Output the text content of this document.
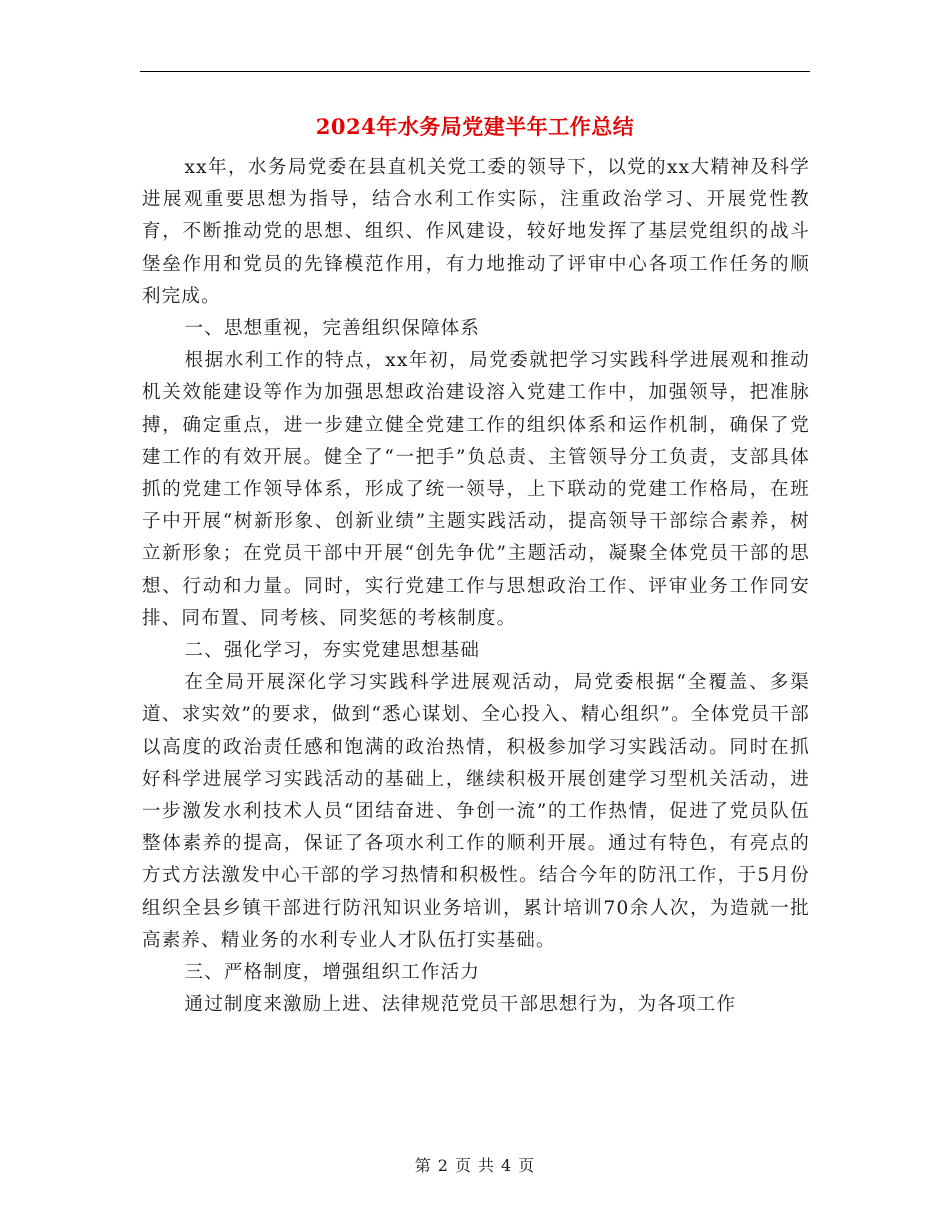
2024年水务局党建半年工作总结

xx年，水务局党委在县直机关党工委的领导下，以党的xx大精神及科学进展观重要思想为指导，结合水利工作实际，注重政治学习、开展党性教育，不断推动党的思想、组织、作风建设，较好地发挥了基层党组织的战斗堡垒作用和党员的先锋模范作用，有力地推动了评审中心各项工作任务的顺利完成。

一、思想重视，完善组织保障体系

根据水利工作的特点，xx年初，局党委就把学习实践科学进展观和推动机关效能建设等作为加强思想政治建设溶入党建工作中，加强领导，把准脉搏，确定重点，进一步建立健全党建工作的组织体系和运作机制，确保了党建工作的有效开展。健全了“一把手”负总责、主管领导分工负责，支部具体抓的党建工作领导体系，形成了统一领导，上下联动的党建工作格局，在班子中开展“树新形象、创新业绩”主题实践活动，提高领导干部综合素养，树立新形象；在党员干部中开展“创先争优”主题活动，凝聚全体党员干部的思想、行动和力量。同时，实行党建工作与思想政治工作、评审业务工作同安排、同布置、同考核、同奖惩的考核制度。

二、强化学习，夯实党建思想基础

在全局开展深化学习实践科学进展观活动，局党委根据“全覆盖、多渠道、求实效”的要求，做到“悉心谋划、全心投入、精心组织”。全体党员干部以高度的政治责任感和饱满的政治热情，积极参加学习实践活动。同时在抓好科学进展学习实践活动的基础上，继续积极开展创建学习型机关活动，进一步激发水利技术人员“团结奋进、争创一流”的工作热情，促进了党员队伍整体素养的提高，保证了各项水利工作的顺利开展。通过有特色，有亮点的方式方法激发中心干部的学习热情和积极性。结合今年的防汛工作，于5月份组织全县乡镇干部进行防汛知识业务培训，累计培训70余人次，为造就一批高素养、精业务的水利专业人才队伍打实基础。

三、严格制度，增强组织工作活力

通过制度来激励上进、法律规范党员干部思想行为，为各项工作

第 2 页 共 4 页
